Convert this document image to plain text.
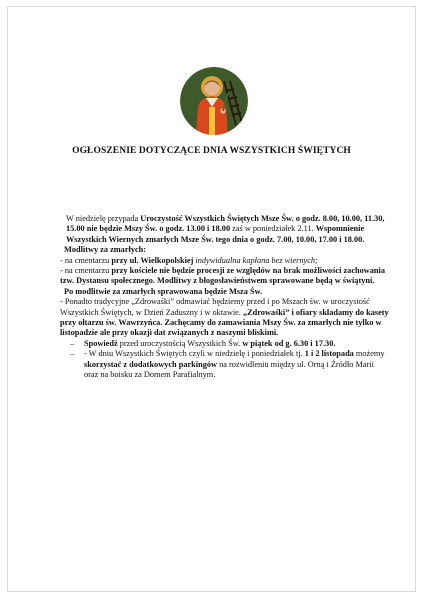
OGŁOSZENIE DOTYCZĄCE DNIA WSZYSTKICH ŚWIĘTYCH

W niedzielę przypada Uroczystość Wszystkich Świętych Msze Św. o godz. 8.00, 10.00, 11.30, 15.00 nie będzie Mszy Św. o godz. 13.00 i 18.00 zaś w poniedziałek 2.11. Wspomnienie Wszystkich Wiernych zmarłych Msze Św. tego dnia o godz. 7.00, 10.00, 17.00 i 18.00.

Modlitwy za zmarłych:

- na cmentarzu przy ul. Wielkopolskiej indywidualna kapłana bez wiernych;

- na cmentarzu przy kościele nie będzie procesji ze względów na brak możliwości zachowania tzw. Dystansu społecznego. Modlitwy z błogosławieństwem sprawowane będą w świątyni.

Po modlitwie za zmarłych sprawowana będzie Msza Św.

- Ponadto tradycyjne „Zdrowaśki” odmawiać będziemy przed i po Mszach św. w uroczystość Wszystkich Świętych, w Dzień Zaduszny i w oktawie. „Zdrowaśki” i ofiary składamy do kasety przy ołtarzu św. Wawrzyńca. Zachęcamy do zamawiania Mszy Św. za zmarłych nie tylko w listopadzie ale przy okazji dat związanych z naszymi bliskimi.

– Spowiedź przed uroczystością Wszystkich Św. w piątek od g. 6.30 i 17.30.
– - W dniu Wszystkich Świętych czyli w niedzielę i poniedziałek tj. 1 i 2 listopada możemy skorzystać z dodatkowych parkingów na rozwidleniu między ul. Orną i Źródło Marii oraz na boisku za Domem Parafialnym.
